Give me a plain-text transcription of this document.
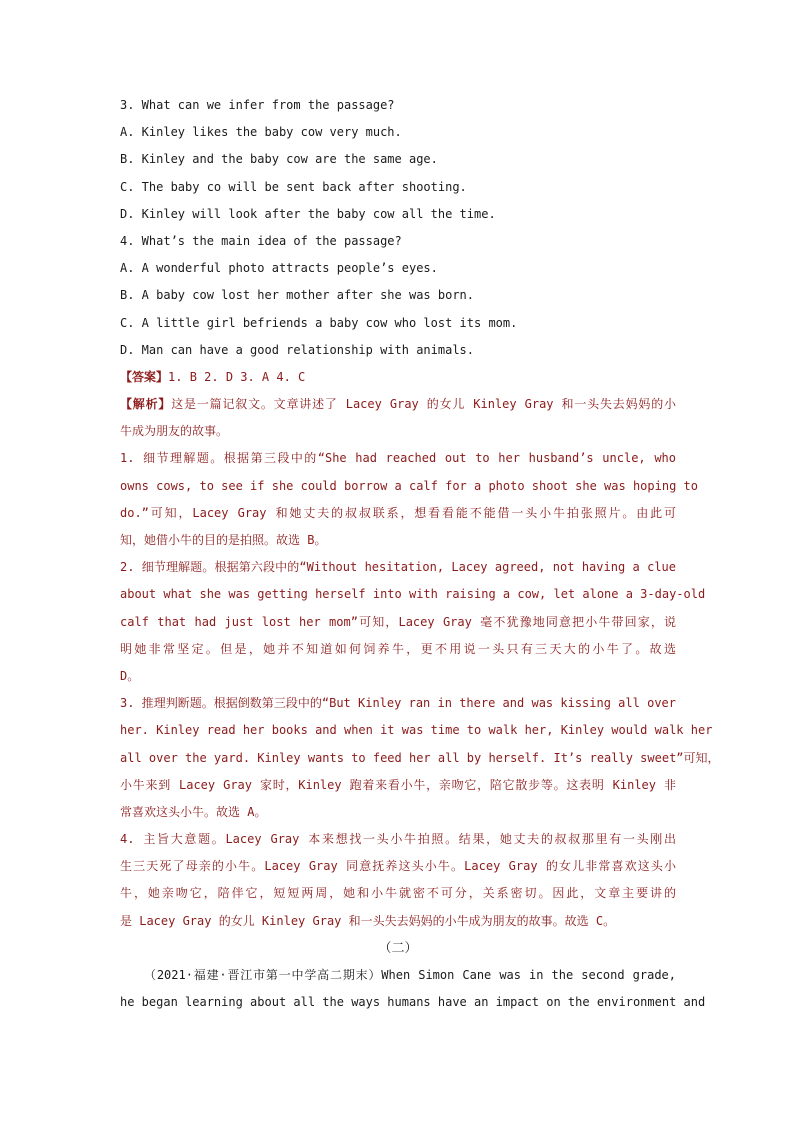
3. What can we infer from the passage?
A. Kinley likes the baby cow very much.
B. Kinley and the baby cow are the same age.
C. The baby co will be sent back after shooting.
D. Kinley will look after the baby cow all the time.
4. What’s the main idea of the passage?
A. A wonderful photo attracts people’s eyes.
B. A baby cow lost her mother after she was born.
C. A little girl befriends a baby cow who lost its mom.
D. Man can have a good relationship with animals.
【答案】1. B 2. D 3. A 4. C
【解析】这是一篇记叙文。文章讲述了 Lacey Gray 的女儿 Kinley Gray 和一头失去妈妈的小
牛成为朋友的故事。
1. 细节理解题。根据第三段中的“She had reached out to her husband’s uncle, who
owns cows, to see if she could borrow a calf for a photo shoot she was hoping to
do.”可知，Lacey Gray 和她丈夫的叔叔联系，想看看能不能借一头小牛拍张照片。由此可
知，她借小牛的目的是拍照。故选 B。
2. 细节理解题。根据第六段中的“Without hesitation, Lacey agreed, not having a clue
about what she was getting herself into with raising a cow, let alone a 3-day-old
calf that had just lost her mom”可知，Lacey Gray 毫不犹豫地同意把小牛带回家，说
明她非常坚定。但是，她并不知道如何饲养牛，更不用说一头只有三天大的小牛了。故选
D。
3. 推理判断题。根据倒数第三段中的“But Kinley ran in there and was kissing all over
her. Kinley read her books and when it was time to walk her, Kinley would walk her
all over the yard. Kinley wants to feed her all by herself. It’s really sweet”可知，
小牛来到 Lacey Gray 家时，Kinley 跑着来看小牛，亲吻它，陪它散步等。这表明 Kinley 非
常喜欢这头小牛。故选 A。
4. 主旨大意题。Lacey Gray 本来想找一头小牛拍照。结果，她丈夫的叔叔那里有一头刚出
生三天死了母亲的小牛。Lacey Gray 同意抚养这头小牛。Lacey Gray 的女儿非常喜欢这头小
牛，她亲吻它，陪伴它，短短两周，她和小牛就密不可分，关系密切。因此，文章主要讲的
是 Lacey Gray 的女儿 Kinley Gray 和一头失去妈妈的小牛成为朋友的故事。故选 C。
（二）
（2021·福建·晋江市第一中学高二期末）When Simon Cane was in the second grade,
he began learning about all the ways humans have an impact on the environment and
